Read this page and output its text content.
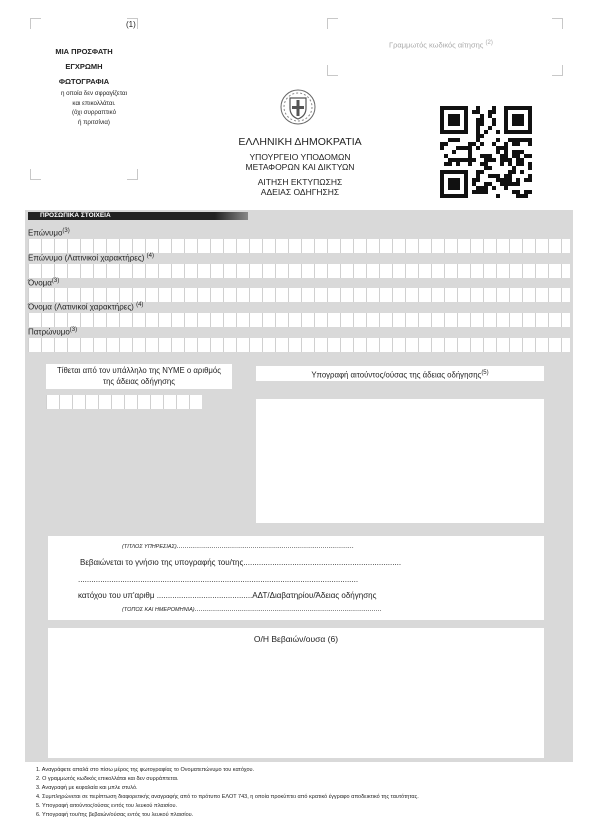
(1)
ΜΙΑ ΠΡΟΣΦΑΤΗ
ΕΓΧΡΩΜΗ
ΦΩΤΟΓΡΑΦΙΑ
η οποία δεν σφραγίζεται
και επικολλάται.
(όχι συρραπτικό
ή πριτσίνια)
Γραμμωτός κωδικός αίτησης $^{(2)}$
ΕΛΛΗΝΙΚΗ ΔΗΜΟΚΡΑΤΙΑ
ΥΠΟΥΡΓΕΙΟ ΥΠΟΔΟΜΩΝ
ΜΕΤΑΦΟΡΩΝ ΚΑΙ ΔΙΚΤΥΩΝ
ΑΙΤΗΣΗ ΕΚΤΥΠΩΣΗΣ
ΑΔΕΙΑΣ ΟΔΗΓΗΣΗΣ
ΠΡΟΣΩΠΙΚΑ ΣΤΟΙΧΕΙΑ
Επώνυμο$^{(3)}$
Επώνυμο (Λατινικοί χαρακτήρες) $^{(4)}$
Όνομα$^{(3)}$
Όνομα (Λατινικοί χαρακτήρες) $^{(4)}$
Πατρώνυμο$^{(3)}$
Τίθεται από τον υπάλληλο της ΝΥΜΕ ο αριθμός
της άδειας οδήγησης
Υπογραφή αιτούντος/ούσας της άδειας οδήγησης$^{(5)}$
(ΤΙΤΛΟΣ ΥΠΗΡΕΣΙΑΣ)...........................................................................................
Βεβαιώνεται το γνήσιο της υπογραφής του/της.......................................................................
..............................................................................................................................
κατόχου του υπ'αριθμ ...........................................ΑΔΤ/Διαβατηρίου/Άδειας οδήγησης
(ΤΟΠΟΣ ΚΑΙ ΗΜΕΡΟΜΗΝΙΑ)................................................................................................
Ο/Η Βεβαιών/ουσα (6)
1. Αναγράφετε απαλά στο πίσω μέρος της φωτογραφίας το Ονοματεπώνυμο του κατόχου.
2. Ο γραμμωτός κωδικός επικολλάται και δεν συρράπτεται.
3. Αναγραφή με κεφαλαία και μπλε στυλό.
4. Συμπληρώνεται σε περίπτωση διαφορετικής αναγραφής από το πρότυπο ΕΛΟΤ 743, η οποία προκύπτει από κρατικό έγγραφο αποδεικτικό της ταυτότητας.
5. Υπογραφή αιτούντος/ούσας εντός του λευκού πλαισίου.
6. Υπογραφή του/της βεβαιών/ούσας εντός του λευκού πλαισίου.
